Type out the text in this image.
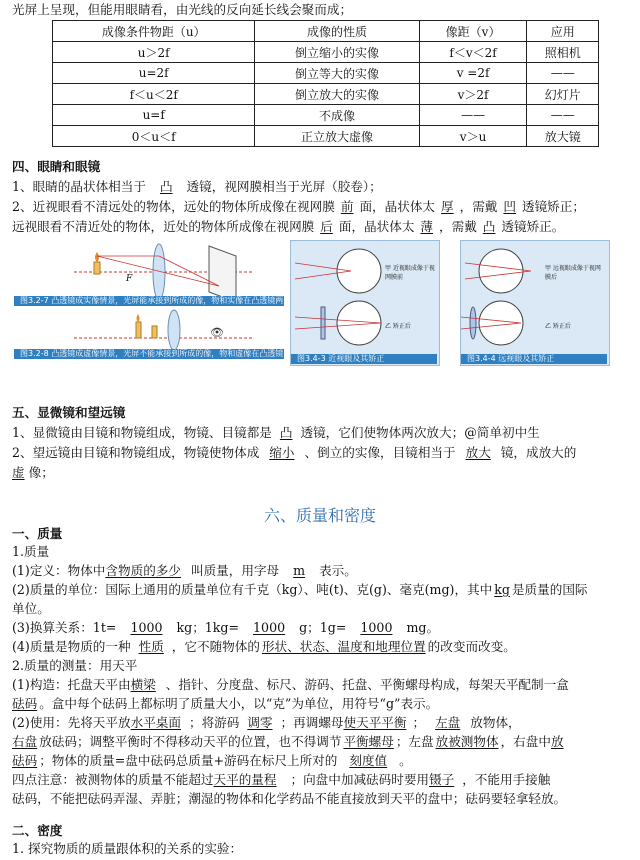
光屏上呈现，但能用眼睛看，由光线的反向延长线会聚而成；
成像条件物距（u）	成像的性质	像距（v）	应用
u＞2f	倒立缩小的实像	f＜v＜2f	照相机
u=2f	倒立等大的实像	v =2f	——
f＜u＜2f	倒立放大的实像	v＞2f	幻灯片
u=f	不成像	——	——
0＜u＜f	正立放大虚像	v＞u	放大镜
四、眼睛和眼镜
1、眼睛的晶状体相当于 凸 透镜，视网膜相当于光屏（胶卷）；
2、近视眼看不清远处的物体，远处的物体所成像在视网膜 前 面，晶状体太 厚 ，需戴 凹 透镜矫正；
远视眼看不清近处的物体，近处的物体所成像在视网膜 后 面，晶状体太 薄 ，需戴 凸 透镜矫正。
F
图3.2-7 凸透镜成实像情景，光屏能承接到所成的像，物和实像在凸透镜两侧。
👁
图3.2-8 凸透镜成虚像情景，光屏不能承接到所成的像，物和虚像在凸透镜同侧。
甲 近视眼成像于视网膜前
乙 矫正后
图3.4-3 近视眼及其矫正
甲 远视眼成像于视网膜后
乙 矫正后
图3.4-4 远视眼及其矫正
五、显微镜和望远镜
1、显微镜由目镜和物镜组成，物镜、目镜都是 凸 透镜，它们使物体两次放大；@简单初中生
2、望远镜由目镜和物镜组成，物镜使物体成 缩小 、倒立的实像，目镜相当于 放大 镜，成放大的
虚 像；
六、质量和密度
一、质量
1.质量
(1)定义：物体中含物质的多少 叫质量，用字母 m 表示。
(2)质量的单位：国际上通用的质量单位有千克（kg）、吨(t)、克(g)、毫克(mg)，其中 kg 是质量的国际
单位。
(3)换算关系：1t= 1000 kg；1kg= 1000 g；1g= 1000 mg。
(4)质量是物质的一种 性质 ，它不随物体的 形状、状态、温度和地理位置 的改变而改变。
2.质量的测量：用天平
(1)构造：托盘天平由横梁 、指针、分度盘、标尺、游码、托盘、平衡螺母构成，每架天平配制一盒
砝码 。盒中每个砝码上都标明了质量大小，以“克”为单位，用符号“g”表示。
(2)使用：先将天平放水平桌面 ；将游码 调零 ；再调螺母使天平平衡 ； 左盘 放物体，
右盘 放砝码；调整平衡时不得移动天平的位置，也不得调节 平衡螺母 ；左盘 放被测物体 ，右盘中放
砝码 ；物体的质量=盘中砝码总质量+游码在标尺上所对的 刻度值 。
四点注意：被测物体的质量不能超过天平的量程 ；向盘中加减砝码时要用镊子 ，不能用手接触
砝码，不能把砝码弄湿、弄脏；潮湿的物体和化学药品不能直接放到天平的盘中；砝码要轻拿轻放。
二、密度
1. 探究物质的质量跟体积的关系的实验：
